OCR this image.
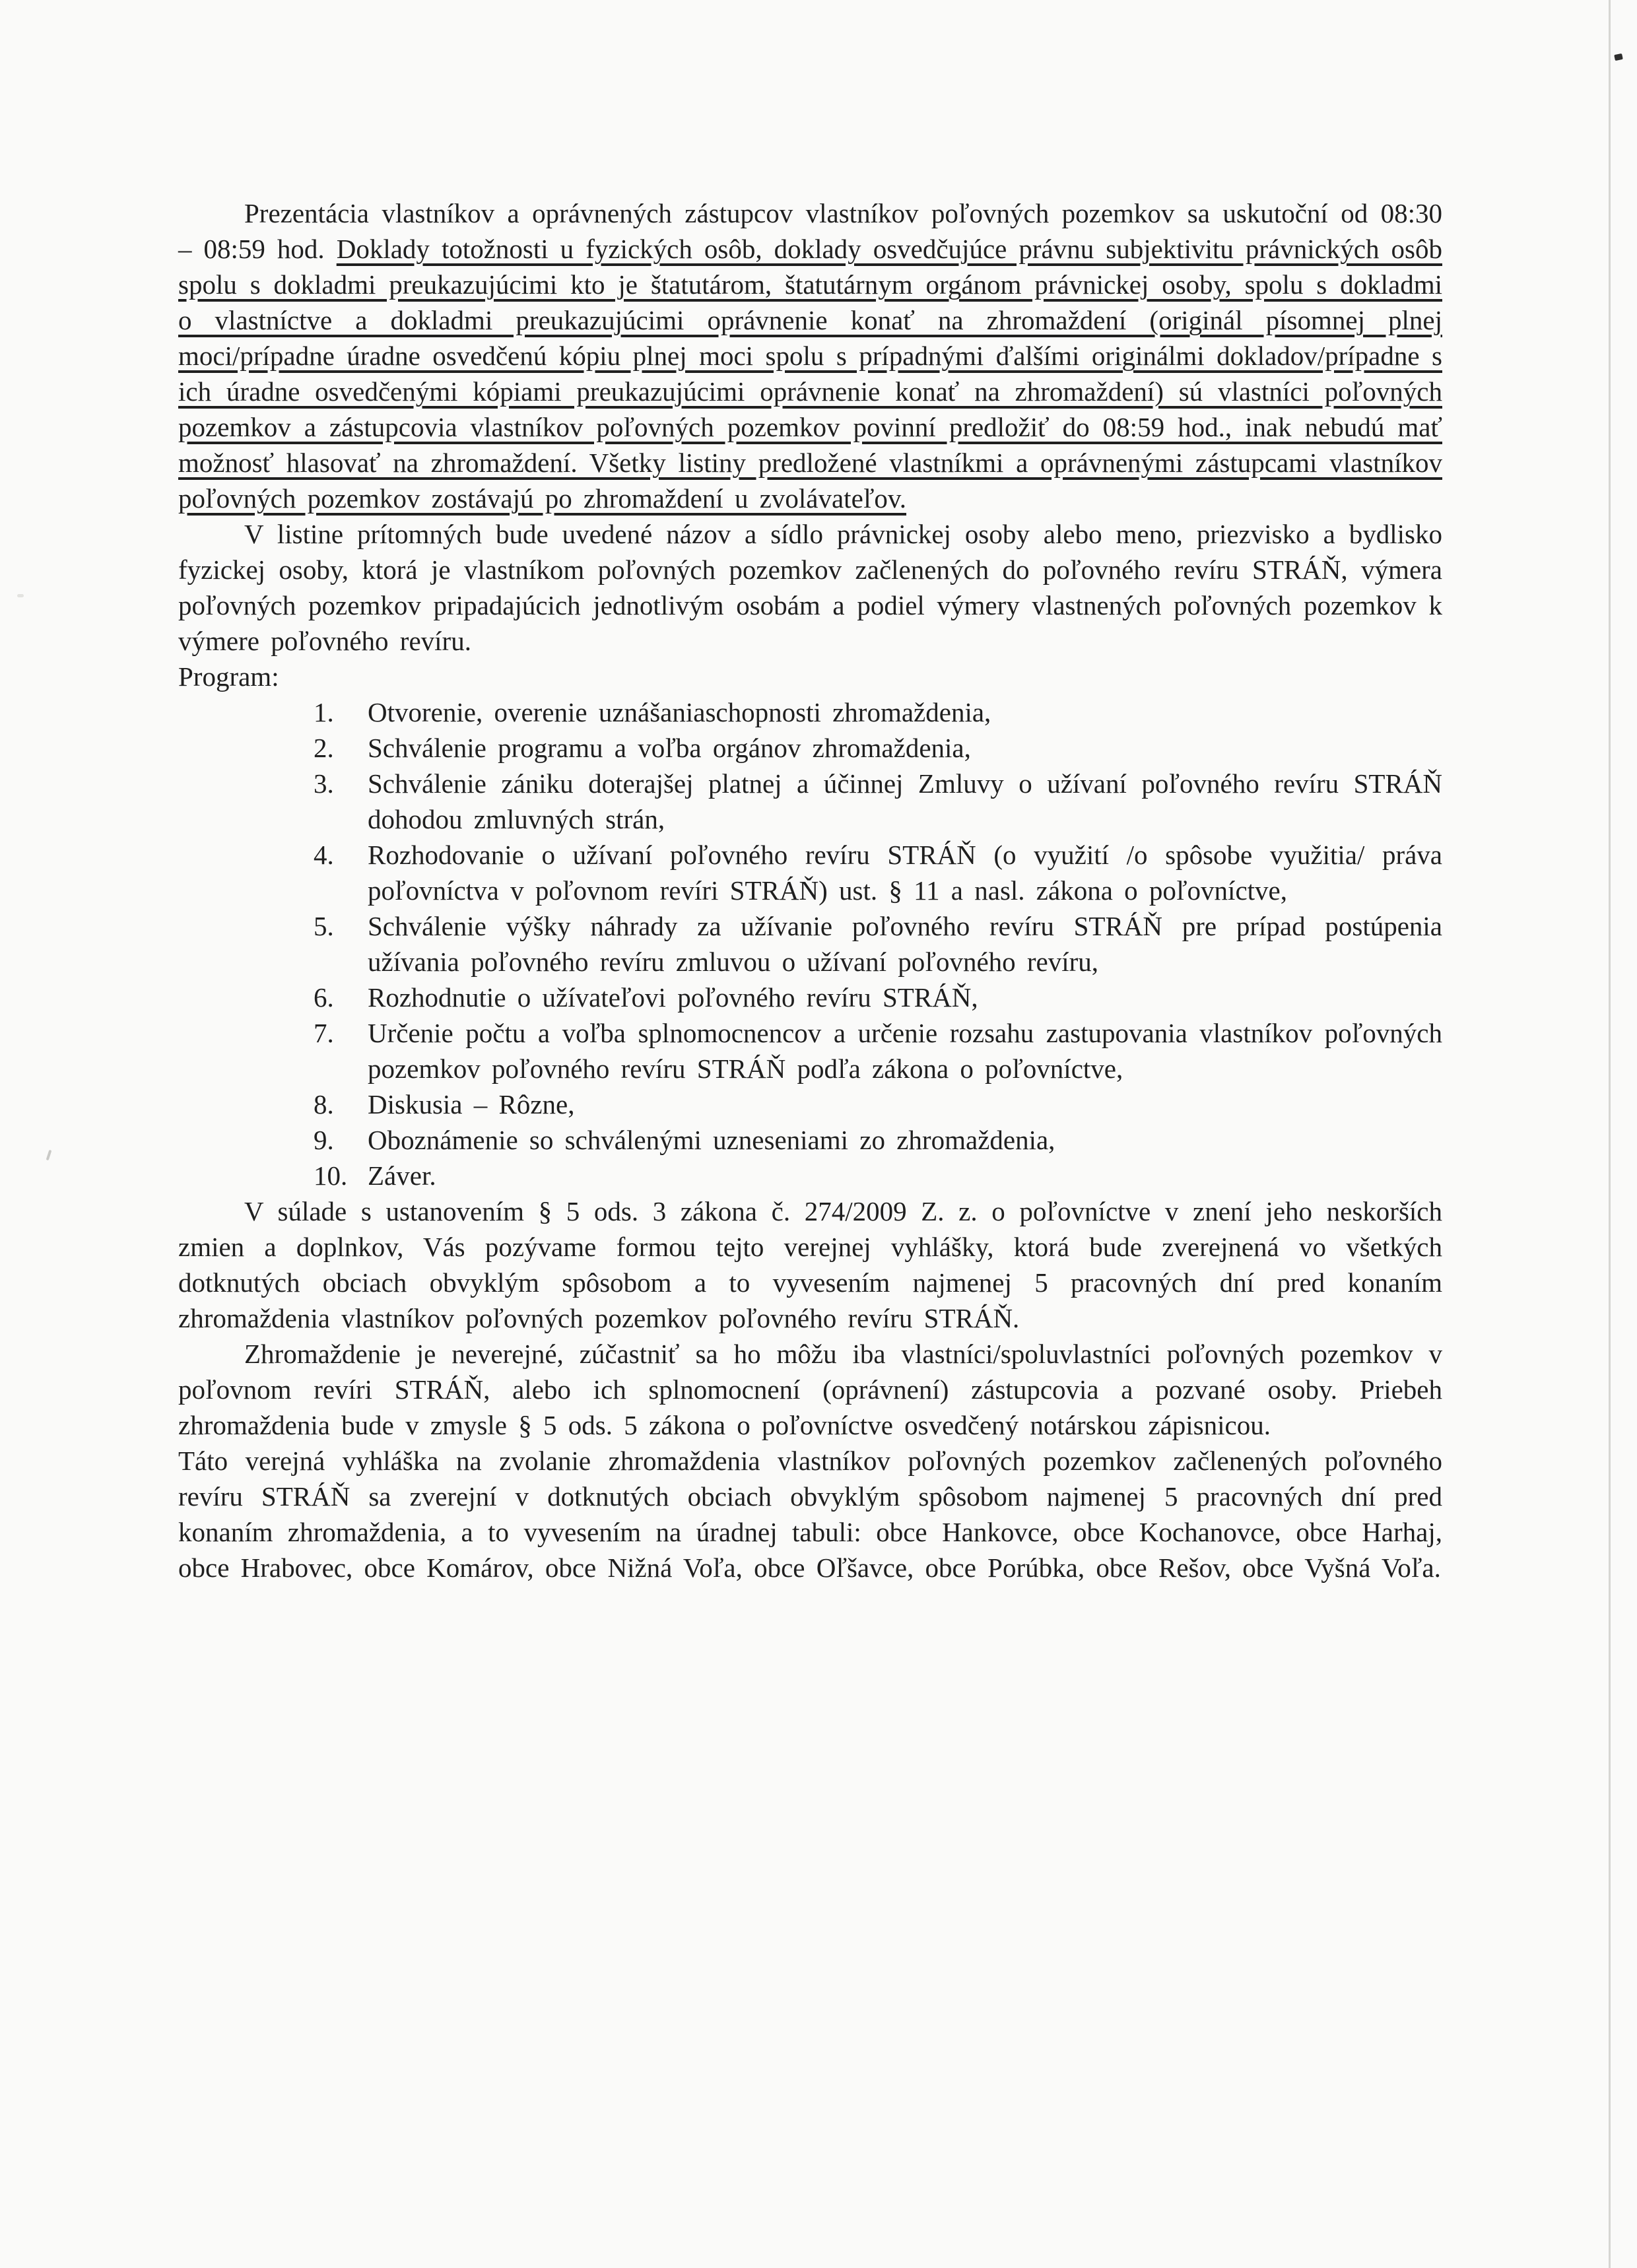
Prezentácia vlastníkov a oprávnených zástupcov vlastníkov poľovných pozemkov sa uskutoční od 08:30 – 08:59 hod. Doklady totožnosti u fyzických osôb, doklady osvedčujúce právnu subjektivitu právnických osôb spolu s dokladmi preukazujúcimi kto je štatutárom, štatutárnym orgánom právnickej osoby, spolu s dokladmi o vlastníctve a dokladmi preukazujúcimi oprávnenie konať na zhromaždení (originál písomnej plnej moci/prípadne úradne osvedčenú kópiu plnej moci spolu s prípadnými ďalšími originálmi dokladov/prípadne s ich úradne osvedčenými kópiami preukazujúcimi oprávnenie konať na zhromaždení) sú vlastníci poľovných pozemkov a zástupcovia vlastníkov poľovných pozemkov povinní predložiť do 08:59 hod., inak nebudú mať možnosť hlasovať na zhromaždení. Všetky listiny predložené vlastníkmi a oprávnenými zástupcami vlastníkov poľovných pozemkov zostávajú po zhromaždení u zvolávateľov.

V listine prítomných bude uvedené názov a sídlo právnickej osoby alebo meno, priezvisko a bydlisko fyzickej osoby, ktorá je vlastníkom poľovných pozemkov začlenených do poľovného revíru STRÁŇ, výmera poľovných pozemkov pripadajúcich jednotlivým osobám a podiel výmery vlastnených poľovných pozemkov k výmere poľovného revíru.

Program:

1.	Otvorenie, overenie uznášaniaschopnosti zhromaždenia,
2.	Schválenie programu a voľba orgánov zhromaždenia,
3.	Schválenie zániku doterajšej platnej a účinnej Zmluvy o užívaní poľovného revíru STRÁŇ dohodou zmluvných strán,
4.	Rozhodovanie o užívaní poľovného revíru STRÁŇ (o využití /o spôsobe využitia/ práva poľovníctva v poľovnom revíri STRÁŇ) ust. § 11 a nasl. zákona o poľovníctve,
5.	Schválenie výšky náhrady za užívanie poľovného revíru STRÁŇ pre prípad postúpenia užívania poľovného revíru zmluvou o užívaní poľovného revíru,
6.	Rozhodnutie o užívateľovi poľovného revíru STRÁŇ,
7.	Určenie počtu a voľba splnomocnencov a určenie rozsahu zastupovania vlastníkov poľovných pozemkov poľovného revíru STRÁŇ podľa zákona o poľovníctve,
8.	Diskusia – Rôzne,
9.	Oboznámenie so schválenými uzneseniami zo zhromaždenia,
10. Záver.

V súlade s ustanovením § 5 ods. 3 zákona č. 274/2009 Z. z. o poľovníctve v znení jeho neskorších zmien a doplnkov, Vás pozývame formou tejto verejnej vyhlášky, ktorá bude zverejnená vo všetkých dotknutých obciach obvyklým spôsobom a to vyvesením najmenej 5 pracovných dní pred konaním zhromaždenia vlastníkov poľovných pozemkov poľovného revíru STRÁŇ.

Zhromaždenie je neverejné, zúčastniť sa ho môžu iba vlastníci/spoluvlastníci poľovných pozemkov v poľovnom revíri STRÁŇ, alebo ich splnomocnení (oprávnení) zástupcovia a pozvané osoby. Priebeh zhromaždenia bude v zmysle § 5 ods. 5 zákona o poľovníctve osvedčený notárskou zápisnicou.

Táto verejná vyhláška na zvolanie zhromaždenia vlastníkov poľovných pozemkov začlenených poľovného revíru STRÁŇ sa zverejní v dotknutých obciach obvyklým spôsobom najmenej 5 pracovných dní pred konaním zhromaždenia, a to vyvesením na úradnej tabuli: obce Hankovce, obce Kochanovce, obce Harhaj, obce Hrabovec, obce Komárov, obce Nižná Voľa, obce Oľšavce, obce Porúbka, obce Rešov, obce Vyšná Voľa.
